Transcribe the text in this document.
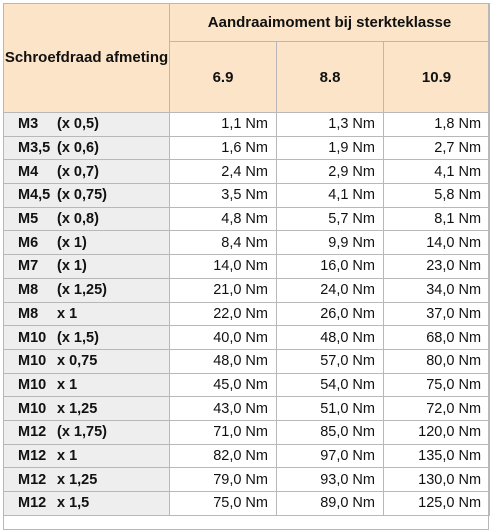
Schroefdraad afmeting	Aandraaimoment bij sterkteklasse		
	6.9	8.8	10.9
M3 (x 0,5)	1,1 Nm	1,3 Nm	1,8 Nm
M3,5 (x 0,6)	1,6 Nm	1,9 Nm	2,7 Nm
M4 (x 0,7)	2,4 Nm	2,9 Nm	4,1 Nm
M4,5 (x 0,75)	3,5 Nm	4,1 Nm	5,8 Nm
M5 (x 0,8)	4,8 Nm	5,7 Nm	8,1 Nm
M6 (x 1)	8,4 Nm	9,9 Nm	14,0 Nm
M7 (x 1)	14,0 Nm	16,0 Nm	23,0 Nm
M8 (x 1,25)	21,0 Nm	24,0 Nm	34,0 Nm
M8 x 1	22,0 Nm	26,0 Nm	37,0 Nm
M10 (x 1,5)	40,0 Nm	48,0 Nm	68,0 Nm
M10 x 0,75	48,0 Nm	57,0 Nm	80,0 Nm
M10 x 1	45,0 Nm	54,0 Nm	75,0 Nm
M10 x 1,25	43,0 Nm	51,0 Nm	72,0 Nm
M12 (x 1,75)	71,0 Nm	85,0 Nm	120,0 Nm
M12 x 1	82,0 Nm	97,0 Nm	135,0 Nm
M12 x 1,25	79,0 Nm	93,0 Nm	130,0 Nm
M12 x 1,5	75,0 Nm	89,0 Nm	125,0 Nm
